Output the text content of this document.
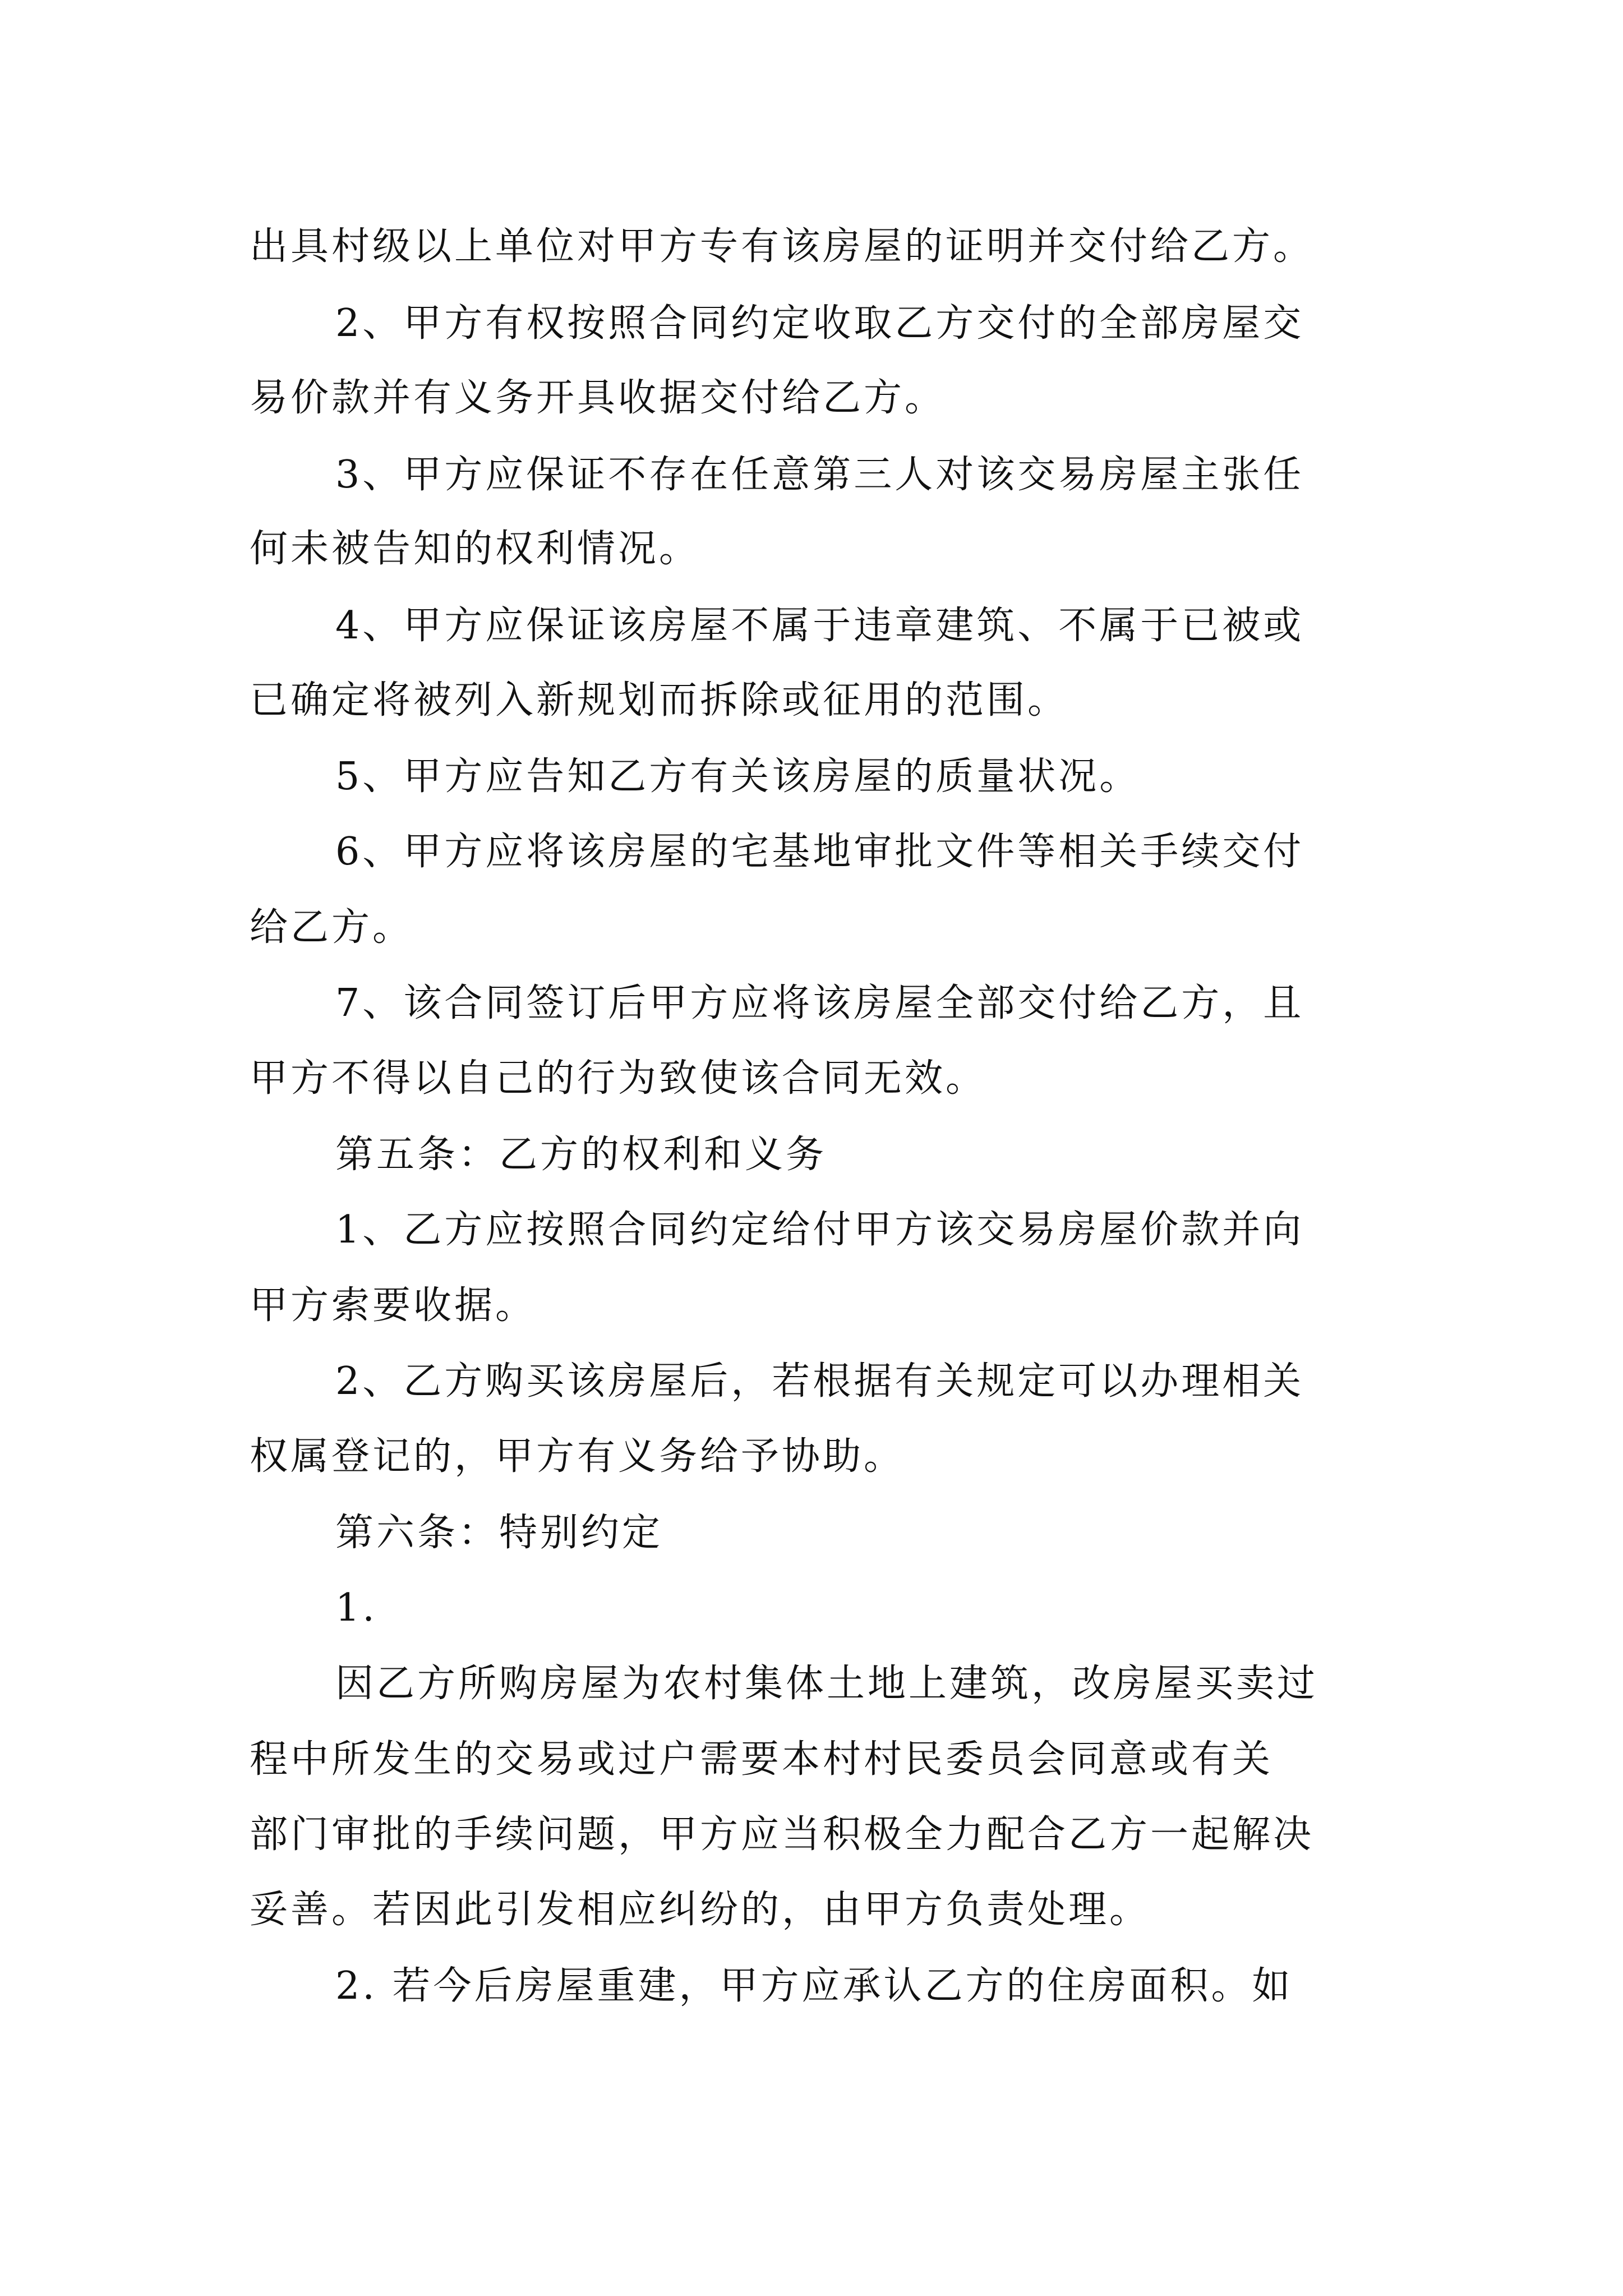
出具村级以上单位对甲方专有该房屋的证明并交付给乙方。
2、甲方有权按照合同约定收取乙方交付的全部房屋交
易价款并有义务开具收据交付给乙方。
3、甲方应保证不存在任意第三人对该交易房屋主张任
何未被告知的权利情况。
4、甲方应保证该房屋不属于违章建筑、不属于已被或
已确定将被列入新规划而拆除或征用的范围。
5、甲方应告知乙方有关该房屋的质量状况。
6、甲方应将该房屋的宅基地审批文件等相关手续交付
给乙方。
7、该合同签订后甲方应将该房屋全部交付给乙方，且
甲方不得以自己的行为致使该合同无效。
第五条：乙方的权利和义务
1、乙方应按照合同约定给付甲方该交易房屋价款并向
甲方索要收据。
2、乙方购买该房屋后，若根据有关规定可以办理相关
权属登记的，甲方有义务给予协助。
第六条：特别约定
1.
因乙方所购房屋为农村集体土地上建筑，改房屋买卖过
程中所发生的交易或过户需要本村村民委员会同意或有关
部门审批的手续问题，甲方应当积极全力配合乙方一起解决
妥善。若因此引发相应纠纷的，由甲方负责处理。
2. 若今后房屋重建，甲方应承认乙方的住房面积。如
